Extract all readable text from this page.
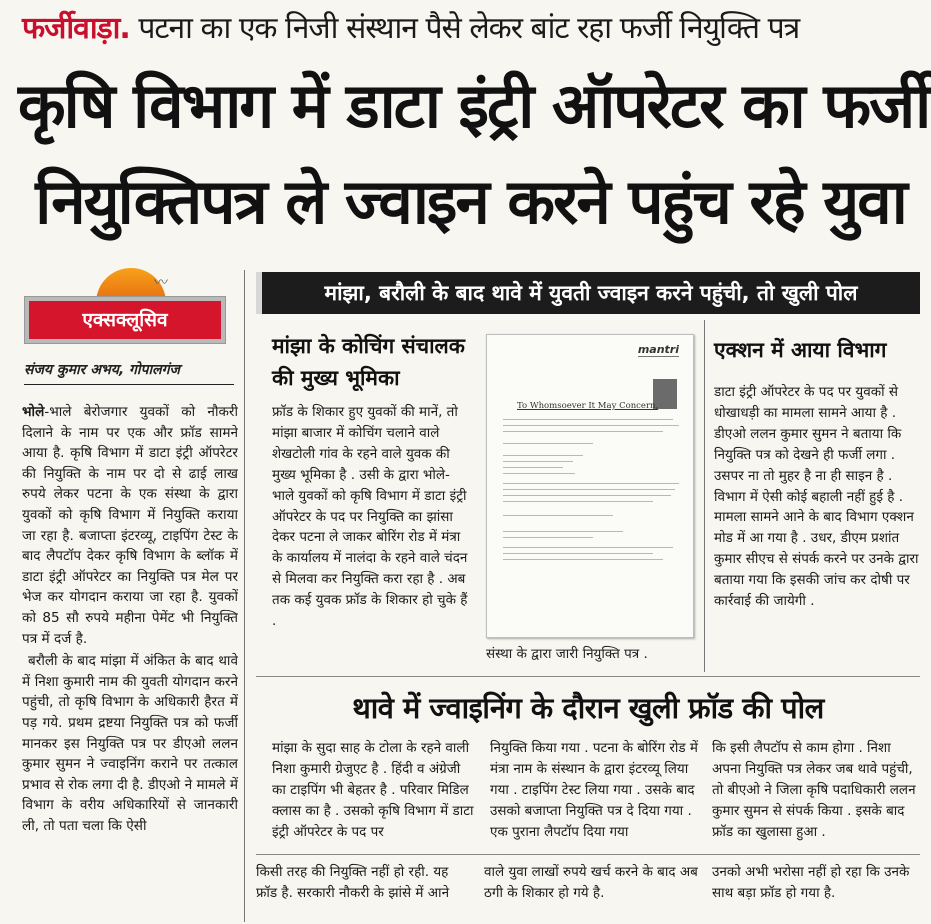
फर्जीवाड़ा. पटना का एक निजी संस्थान पैसे लेकर बांट रहा फर्जी नियुक्ति पत्र
कृषि विभाग में डाटा इंट्री ऑपरेटर का फर्जी
नियुक्तिपत्र ले ज्वाइन करने पहुंच रहे युवा
〰
एक्सक्लूसिव
संजय कुमार अभय, गोपालगंज

भोले-भाले बेरोजगार युवकों को नौकरी दिलाने के नाम पर एक और फ्रॉड सामने आया है. कृषि विभाग में डाटा इंट्री ऑपरेटर की नियुक्ति के नाम पर दो से ढाई लाख रुपये लेकर पटना के एक संस्था के द्वारा युवकों को कृषि विभाग में नियुक्ति कराया जा रहा है. बजाप्ता इंटरव्यू, टाइपिंग टेस्ट के बाद लैपटॉप देकर कृषि विभाग के ब्लॉक में डाटा इंट्री ऑपरेटर का नियुक्ति पत्र मेल पर भेज कर योगदान कराया जा रहा है. युवकों को 85 सौ रुपये महीना पेमेंट भी नियुक्ति पत्र में दर्ज है.

बरौली के बाद मांझा में अंकित के बाद थावे में निशा कुमारी नाम की युवती योगदान करने पहुंची, तो कृषि विभाग के अधिकारी हैरत में पड़ गये. प्रथम द्रष्टया नियुक्ति पत्र को फर्जी मानकर इस नियुक्ति पत्र पर डीएओ ललन कुमार सुमन ने ज्वाइनिंग कराने पर तत्काल प्रभाव से रोक लगा दी है. डीएओ ने मामले में विभाग के वरीय अधिकारियों से जानकारी ली, तो पता चला कि ऐसी

मांझा, बरौली के बाद थावे में युवती ज्वाइन करने पहुंची, तो खुली पोल
मांझा के कोचिंग संचालक
की मुख्य भूमिका
फ्रॉड के शिकार हुए युवकों की मानें, तो मांझा बाजार में कोचिंग चलाने वाले शेखटोली गांव के रहने वाले युवक की मुख्य भूमिका है . उसी के द्वारा भोले- भाले युवकों को कृषि विभाग में डाटा इंट्री ऑपरेटर के पद पर नियुक्ति का झांसा देकर पटना ले जाकर बोरिंग रोड में मंत्रा के कार्यालय में नालंदा के रहने वाले चंदन से मिलवा कर नियुक्ति करा रहा है . अब तक कई युवक फ्रॉड के शिकार हो चुके हैं .
mantri
To Whomsoever It May Concern,
संस्था के द्वारा जारी नियुक्ति पत्र .
एक्शन में आया विभाग
डाटा इंट्री ऑपरेटर के पद पर युवकों से धोखाधड़ी का मामला सामने आया है . डीएओ ललन कुमार सुमन ने बताया कि नियुक्ति पत्र को देखने ही फर्जी लगा . उसपर ना तो मुहर है ना ही साइन है . विभाग में ऐसी कोई बहाली नहीं हुई है . मामला सामने आने के बाद विभाग एक्शन मोड में आ गया है . उधर, डीएम प्रशांत कुमार सीएच से संपर्क करने पर उनके द्वारा बताया गया कि इसकी जांच कर दोषी पर कार्रवाई की जायेगी .
थावे में ज्वाइनिंग के दौरान खुली फ्रॉड की पोल
मांझा के सुदा साह के टोला के रहने वाली निशा कुमारी ग्रेजुएट है . हिंदी व अंग्रेजी का टाइपिंग भी बेहतर है . परिवार मिडिल क्लास का है . उसको कृषि विभाग में डाटा इंट्री ऑपरेटर के पद पर
नियुक्ति किया गया . पटना के बोरिंग रोड में मंत्रा नाम के संस्थान के द्वारा इंटरव्यू लिया गया . टाइपिंग टेस्ट लिया गया . उसके बाद उसको बजाप्ता नियुक्ति पत्र दे दिया गया . एक पुराना लैपटॉप दिया गया
कि इसी लैपटॉप से काम होगा . निशा अपना नियुक्ति पत्र लेकर जब थावे पहुंची, तो बीएओ ने जिला कृषि पदाधिकारी ललन कुमार सुमन से संपर्क किया . इसके बाद फ्रॉड का खुलासा हुआ .
किसी तरह की नियुक्ति नहीं हो रही. यह फ्रॉड है. सरकारी नौकरी के झांसे में आने
वाले युवा लाखों रुपये खर्च करने के बाद अब ठगी के शिकार हो गये है.
उनको अभी भरोसा नहीं हो रहा कि उनके साथ बड़ा फ्रॉड हो गया है.
